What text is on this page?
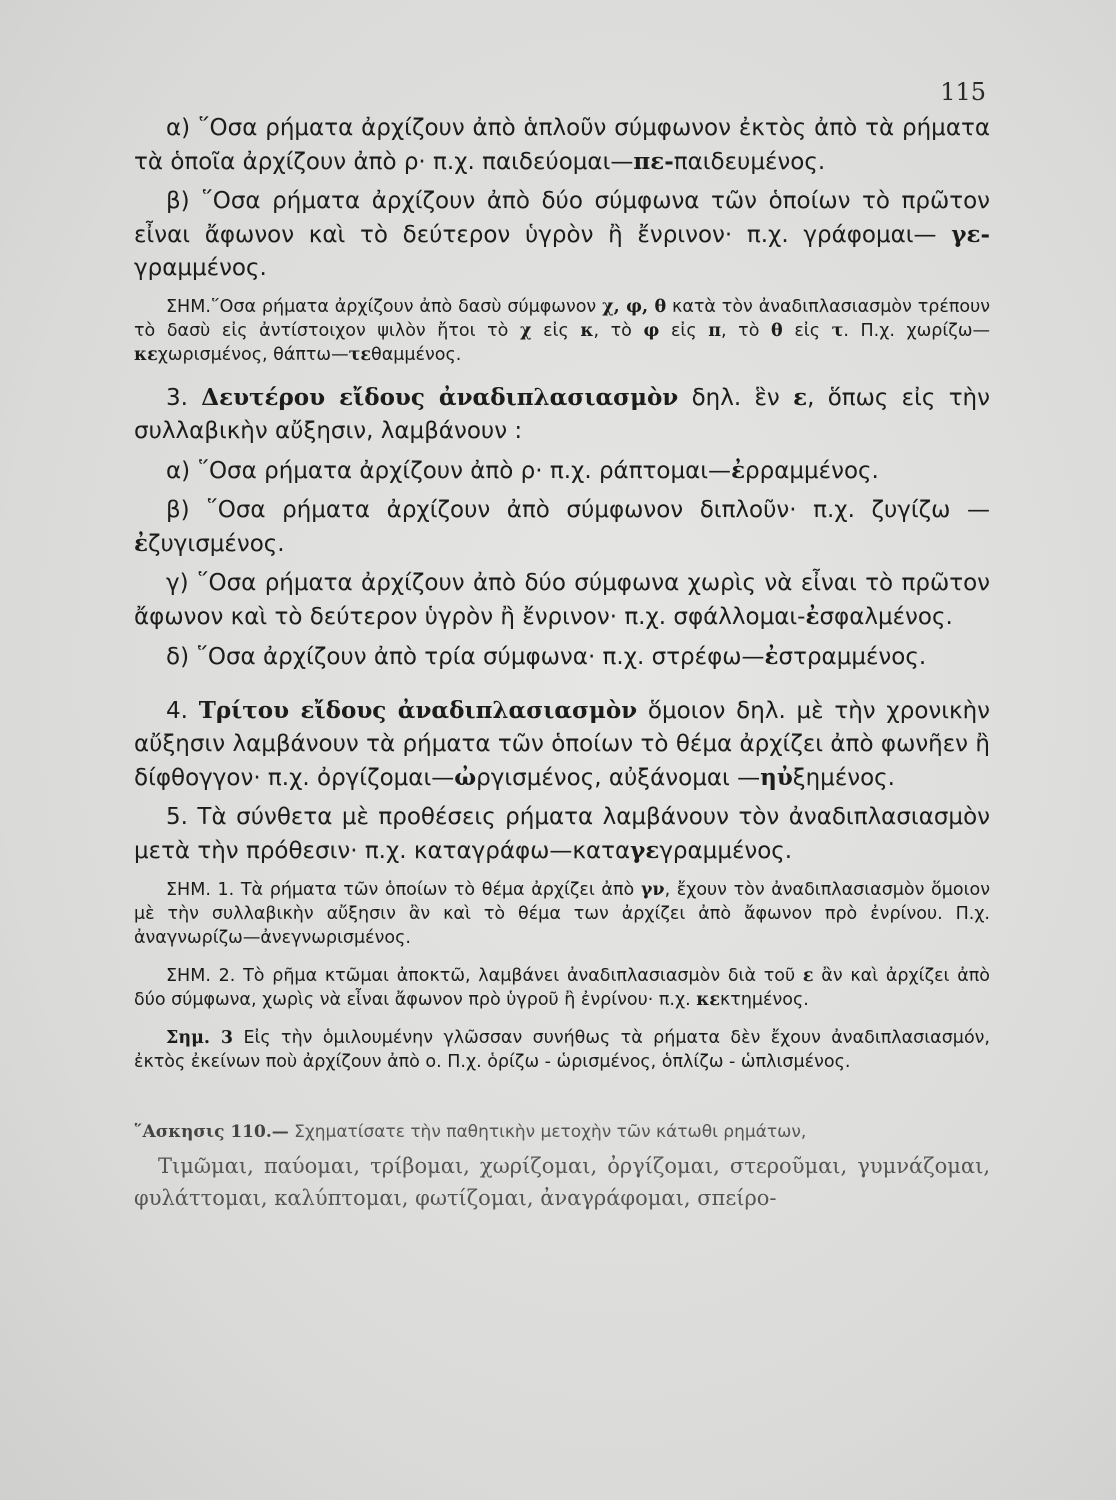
115

α) ῞Οσα ρήματα ἀρχίζουν ἀπὸ ἁπλοῦν σύμφωνον ἐκτὸς ἀπὸ τὰ ρήματα τὰ ὁποῖα ἀρχίζουν ἀπὸ ρ· π.χ. παιδεύομαι—πε-παιδευμένος.

β) ῞Οσα ρήματα ἀρχίζουν ἀπὸ δύο σύμφωνα τῶν ὁποίων τὸ πρῶτον εἶναι ἄφωνον καὶ τὸ δεύτερον ὑγρὸν ἢ ἔνρινον· π.χ. γράφομαι— γε-γραμμένος.

ΣΗΜ.῞Οσα ρήματα ἀρχίζουν ἀπὸ δασὺ σύμφωνον χ, φ, θ κατὰ τὸν ἀναδιπλασιασμὸν τρέπουν τὸ δασὺ εἰς ἀντίστοιχον ψιλὸν ἤτοι τὸ χ εἰς κ, τὸ φ εἰς π, τὸ θ εἰς τ. Π.χ. χωρίζω—κεχωρισμένος, θάπτω—τεθαμμένος.

3. Δευτέρου εἴδους ἀναδιπλασιασμὸν δηλ. ἓν ε, ὅπως εἰς τὴν συλλαβικὴν αὔξησιν, λαμβάνουν :

α) ῞Οσα ρήματα ἀρχίζουν ἀπὸ ρ· π.χ. ράπτομαι—ἐρραμμένος.

β) ῞Οσα ρήματα ἀρχίζουν ἀπὸ σύμφωνον διπλοῦν· π.χ. ζυγίζω —ἐζυγισμένος.

γ) ῞Οσα ρήματα ἀρχίζουν ἀπὸ δύο σύμφωνα χωρὶς νὰ εἶναι τὸ πρῶτον ἄφωνον καὶ τὸ δεύτερον ὑγρὸν ἢ ἔνρινον· π.χ. σφάλλομαι-ἐσφαλμένος.

δ) ῞Οσα ἀρχίζουν ἀπὸ τρία σύμφωνα· π.χ. στρέφω—ἐστραμμένος.

4. Τρίτου εἴδους ἀναδιπλασιασμὸν ὅμοιον δηλ. μὲ τὴν χρονικὴν αὔξησιν λαμβάνουν τὰ ρήματα τῶν ὁποίων τὸ θέμα ἀρχίζει ἀπὸ φωνῆεν ἢ δίφθογγον· π.χ. ὀργίζομαι—ὠργισμένος, αὐξάνομαι —ηὐξημένος.

5. Τὰ σύνθετα μὲ προθέσεις ρήματα λαμβάνουν τὸν ἀναδιπλασιασμὸν μετὰ τὴν πρόθεσιν· π.χ. καταγράφω—καταγεγραμμένος.

ΣΗΜ. 1. Τὰ ρήματα τῶν ὁποίων τὸ θέμα ἀρχίζει ἀπὸ γν, ἔχουν τὸν ἀναδιπλασιασμὸν ὅμοιον μὲ τὴν συλλαβικὴν αὔξησιν ἂν καὶ τὸ θέμα των ἀρχίζει ἀπὸ ἄφωνον πρὸ ἐνρίνου. Π.χ. ἀναγνωρίζω—ἀνεγνωρισμένος.

ΣΗΜ. 2. Τὸ ρῆμα κτῶμαι ἀποκτῶ, λαμβάνει ἀναδιπλασιασμὸν διὰ τοῦ ε ἂν καὶ ἀρχίζει ἀπὸ δύο σύμφωνα, χωρὶς νὰ εἶναι ἄφωνον πρὸ ὑγροῦ ἢ ἐνρίνου· π.χ. κεκτημένος.

Σημ. 3 Εἰς τὴν ὁμιλουμένην γλῶσσαν συνήθως τὰ ρήματα δὲν ἔχουν ἀναδιπλασιασμόν, ἐκτὸς ἐκείνων ποὺ ἀρχίζουν ἀπὸ ο. Π.χ. ὁρίζω - ὡρισμένος, ὁπλίζω - ὡπλισμένος.

῞Ασκησις 110.— Σχηματίσατε τὴν παθητικὴν μετοχὴν τῶν κάτωθι ρημάτων,
Τιμῶμαι, παύομαι, τρίβομαι, χωρίζομαι, ὀργίζομαι, στεροῦμαι, γυμνάζομαι, φυλάττομαι, καλύπτομαι, φωτίζομαι, ἀναγράφομαι, σπείρο-
